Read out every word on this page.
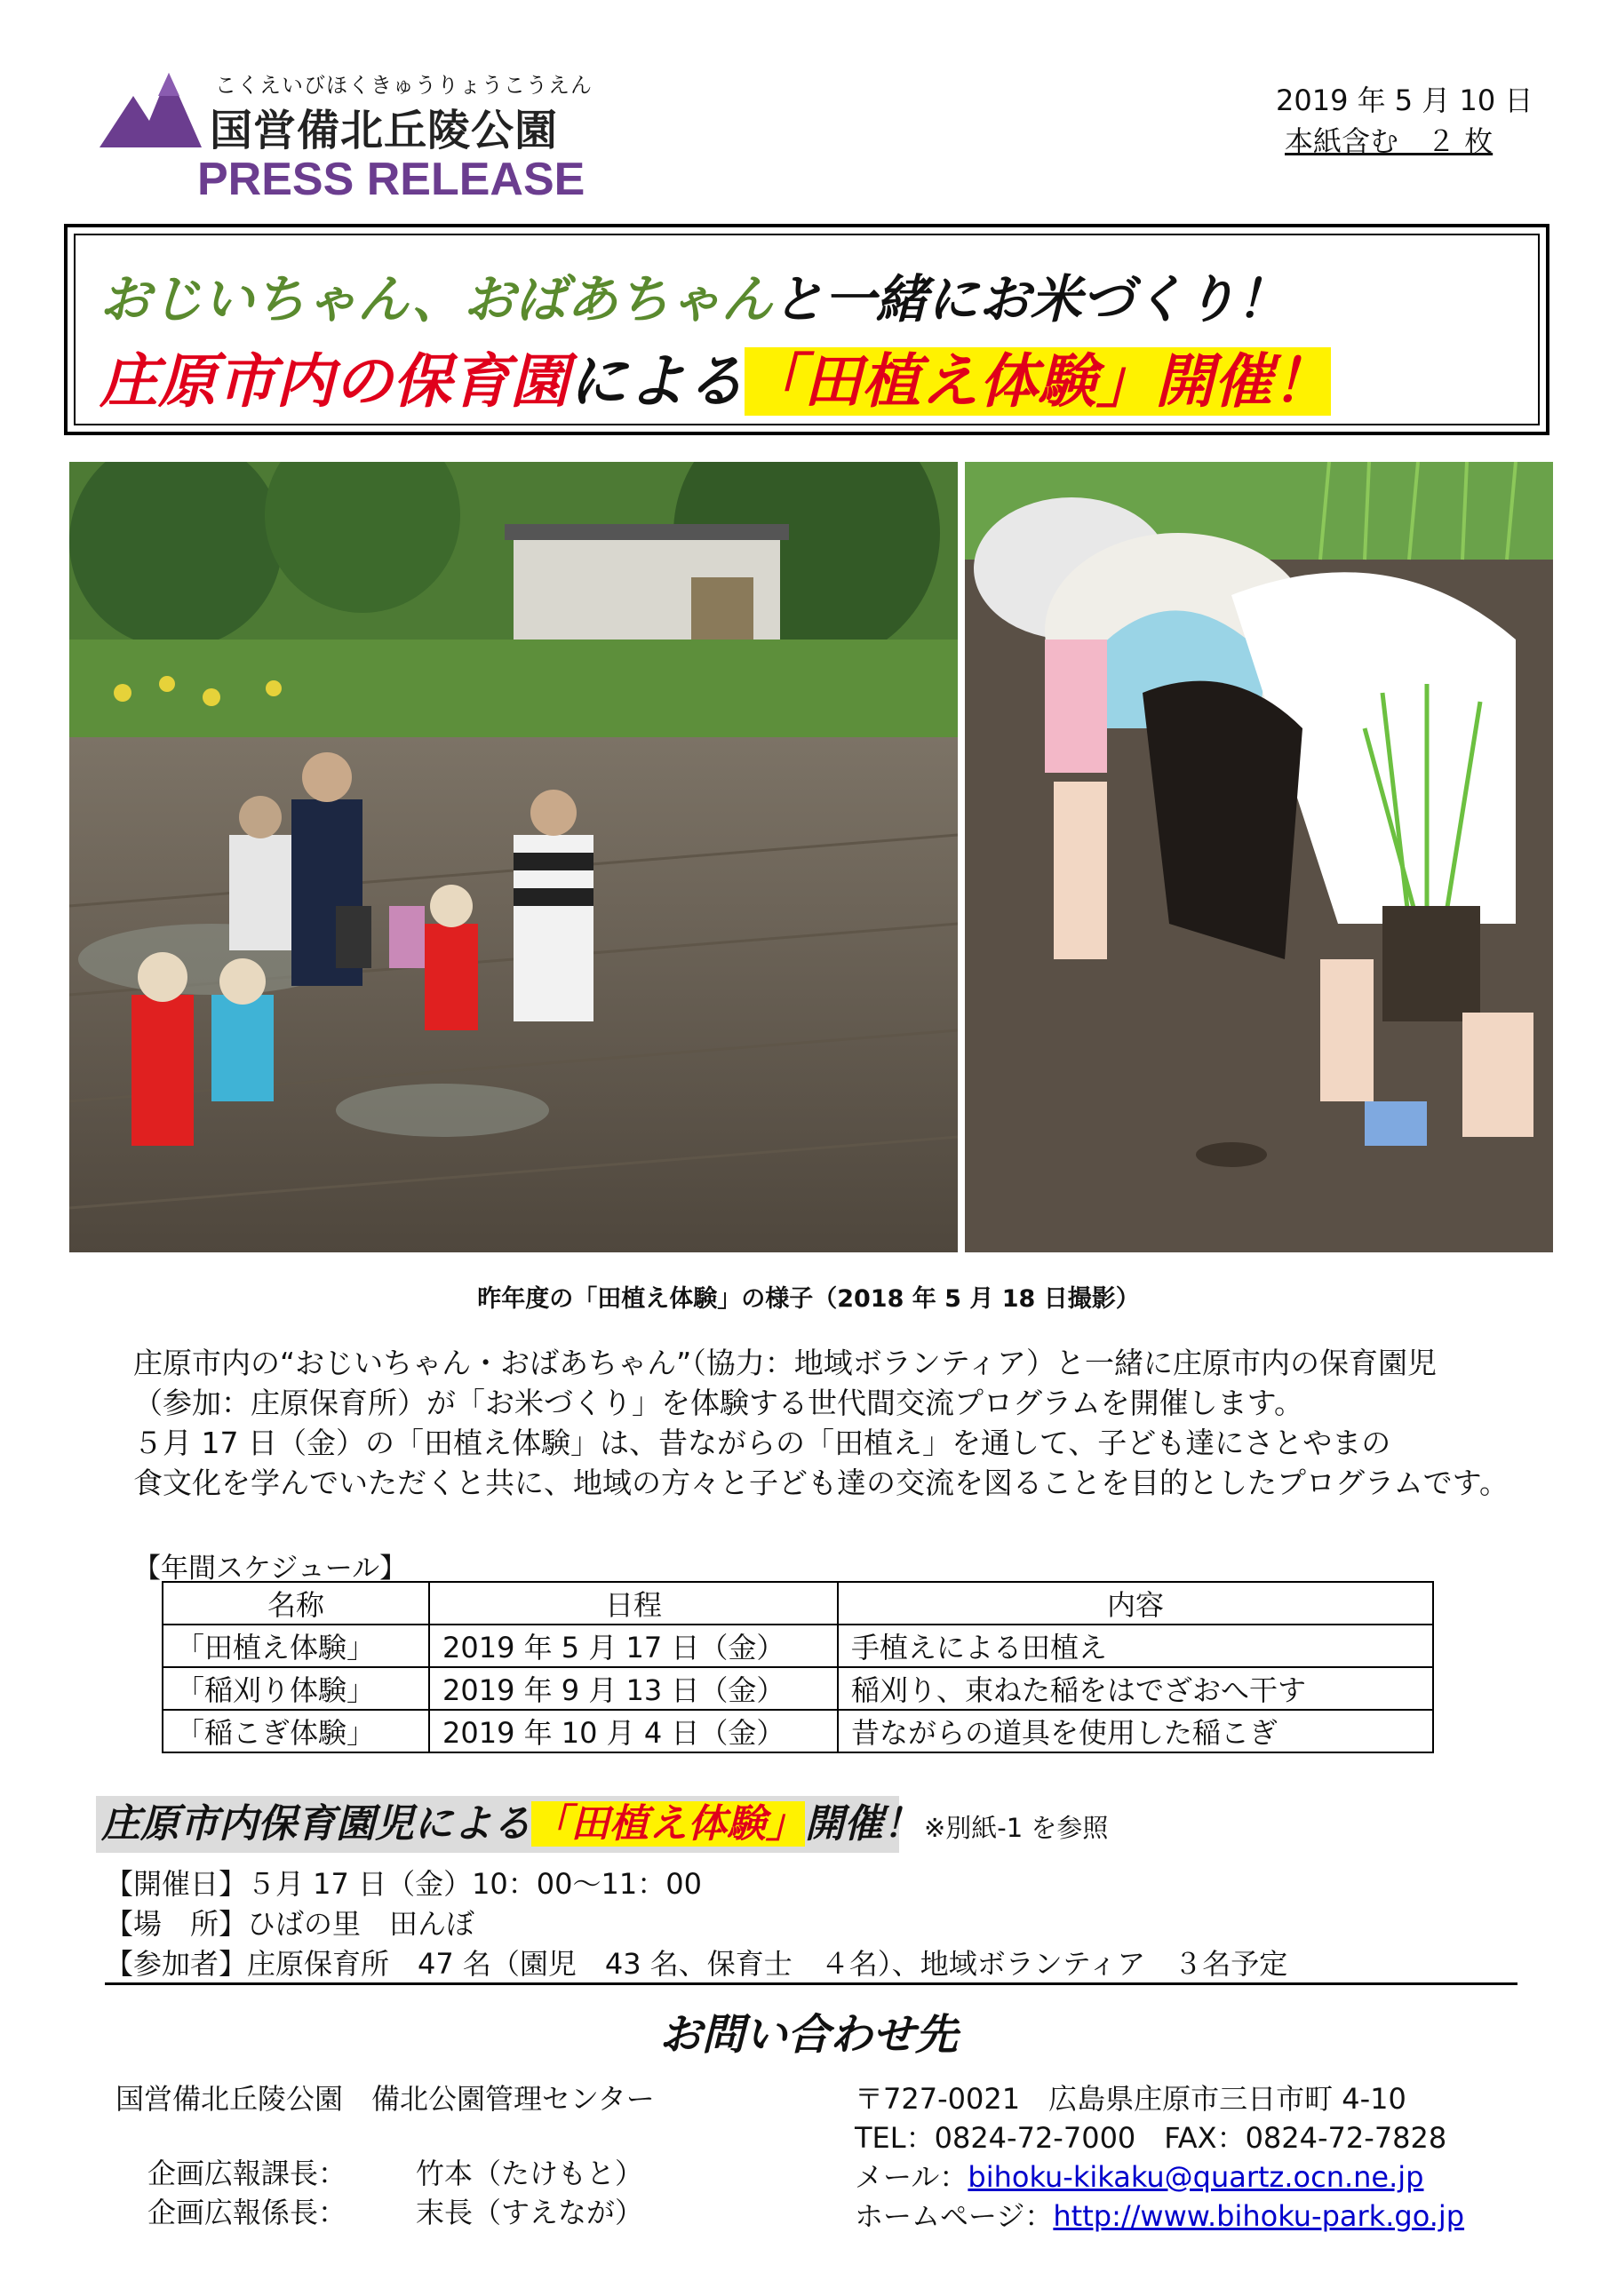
こくえいびほくきゅうりょうこうえん
国営備北丘陵公園
PRESS RELEASE
2019 年 5 月 10 日
本紙含む　２ 枚
おじいちゃん、おばあちゃんと一緒にお米づくり！
庄原市内の保育園による「田植え体験」開催！
昨年度の「田植え体験」の様子（2018 年 5 月 18 日撮影）
庄原市内の“おじいちゃん・おばあちゃん”（協力：地域ボランティア）と一緒に庄原市内の保育園児
（参加：庄原保育所）が「お米づくり」を体験する世代間交流プログラムを開催します。
５月 17 日（金）の「田植え体験」は、昔ながらの「田植え」を通して、子ども達にさとやまの
食文化を学んでいただくと共に、地域の方々と子ども達の交流を図ることを目的としたプログラムです。
【年間スケジュール】
名称	日程	内容
「田植え体験」	2019 年 5 月 17 日（金）	手植えによる田植え
「稲刈り体験」	2019 年 9 月 13 日（金）	稲刈り、束ねた稲をはでざおへ干す
「稲こぎ体験」	2019 年 10 月 4 日（金）	昔ながらの道具を使用した稲こぎ
庄原市内保育園児による「田植え体験」開催！ ※別紙-1 を参照
【開催日】５月 17 日（金）10：00～11：00
【場　所】ひばの里　田んぼ
【参加者】庄原保育所　47 名（園児　43 名、保育士　４名）、地域ボランティア　３名予定
お問い合わせ先
国営備北丘陵公園　備北公園管理センター
企画広報課長： 竹本（たけもと）
企画広報係長： 末長（すえなが）
〒727-0021　広島県庄原市三日市町 4-10
TEL：0824-72-7000　FAX：0824-72-7828
メール：bihoku-kikaku@quartz.ocn.ne.jp
ホームページ：http://www.bihoku-park.go.jp
